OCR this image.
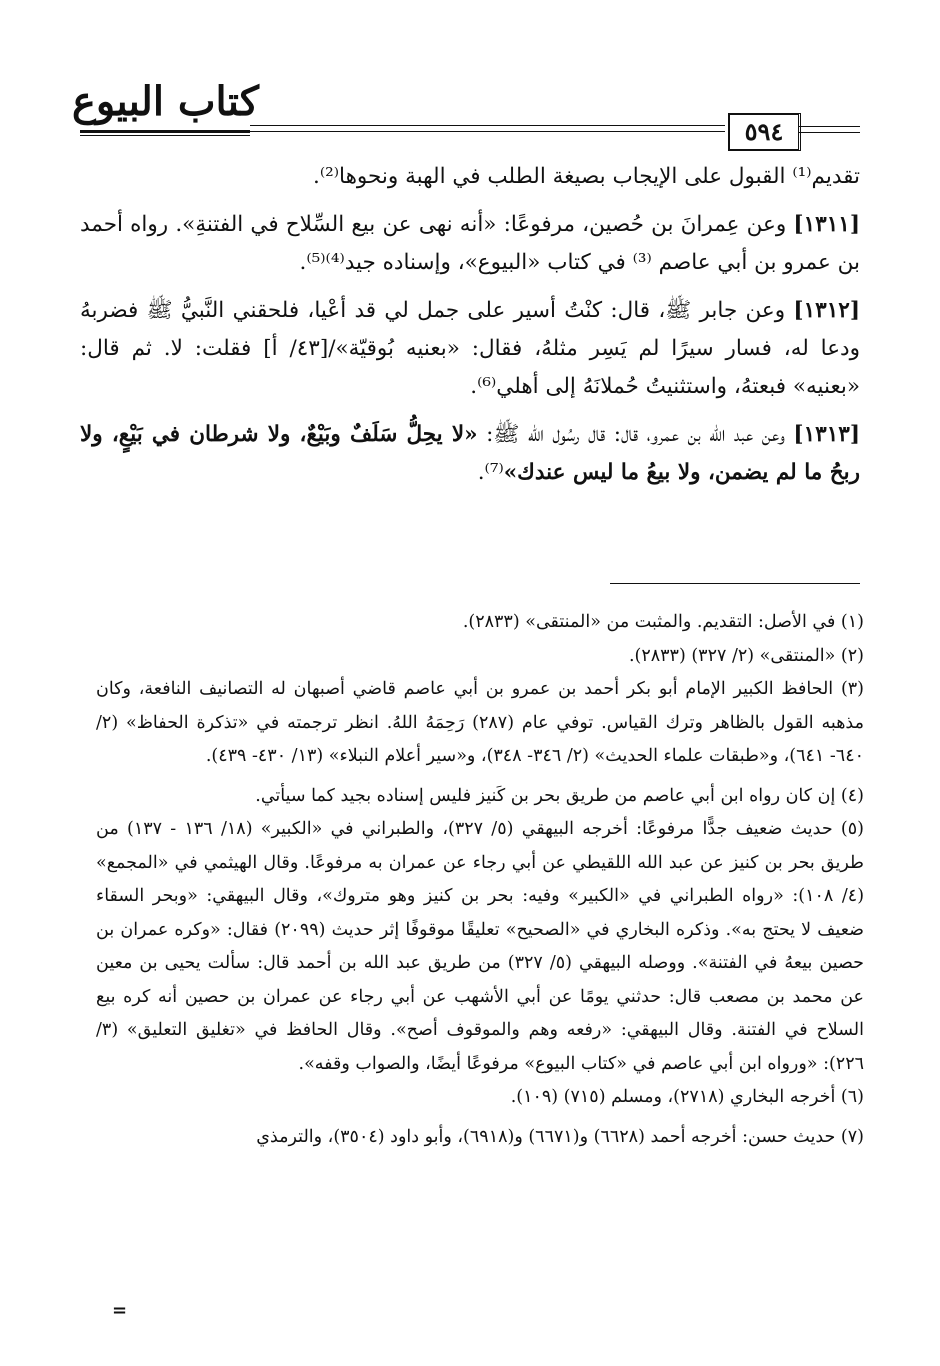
كتاب البيوع
٥٩٤

تقديم⁽¹⁾ القبول على الإيجاب بصيغة الطلب في الهبة ونحوها⁽²⁾.

[١٣١١] وعن عِمرانَ بن حُصين، مرفوعًا: «أنه نهى عن بيع السِّلاح في الفتنةِ». رواه أحمد بن عمرو بن أبي عاصم ⁽³⁾ في كتاب «البيوع»، وإسناده جيد⁽⁴⁾⁽⁵⁾.

[١٣١٢] وعن جابر ﷺ، قال: كنْتُ أسير على جمل لي قد أعْيا، فلحقني النَّبيُّ ﷺ فضربهُ ودعا له، فسار سيرًا لم يَسِر مثلهُ، فقال: «بعنيه بُوقيّة»/[٤٣/ أ] فقلت: لا. ثم قال: «بعنيه» فبعتهُ، واستثنيتُ حُملانَهُ إلى أهلي⁽⁶⁾.

[١٣١٣] وعن عبد الله بن عمرو، قال: قال رسُول الله ﷺ: «لا يحِلُّ سَلَفٌ وبَيْعٌ، ولا شرطان في بَيْعٍ، ولا ربحُ ما لم يضمن، ولا بيعُ ما ليس عندك»⁽⁷⁾.

(١) في الأصل: التقديم. والمثبت من «المنتقى» (٢٨٣٣).

(٢) «المنتقى» (٢/ ٣٢٧) (٢٨٣٣).

(٣) الحافظ الكبير الإمام أبو بكر أحمد بن عمرو بن أبي عاصم قاضي أصبهان له التصانيف النافعة، وكان مذهبه القول بالظاهر وترك القياس. توفي عام (٢٨٧) رَحِمَهُ اللهُ. انظر ترجمته في «تذكرة الحفاظ» (٢/ ٦٤٠- ٦٤١)، و«طبقات علماء الحديث» (٢/ ٣٤٦- ٣٤٨)، و«سير أعلام النبلاء» (١٣/ ٤٣٠- ٤٣٩).

(٤) إن كان رواه ابن أبي عاصم من طريق بحر بن كَنيز فليس إسناده بجيد كما سيأتي.

(٥) حديث ضعيف جدًّا مرفوعًا: أخرجه البيهقي (٥/ ٣٢٧)، والطبراني في «الكبير» (١٨/ ١٣٦ - ١٣٧) من طريق بحر بن كنيز عن عبد الله اللقيطي عن أبي رجاء عن عمران به مرفوعًا. وقال الهيثمي في «المجمع» (٤/ ١٠٨): «رواه الطبراني في «الكبير» وفيه: بحر بن كنيز وهو متروك»، وقال البيهقي: «وبحر السقاء ضعيف لا يحتج به». وذكره البخاري في «الصحيح» تعليقًا موقوفًا إثر حديث (٢٠٩٩) فقال: «وكره عمران بن حصين بيعهُ في الفتنة». ووصله البيهقي (٥/ ٣٢٧) من طريق عبد الله بن أحمد قال: سألت يحيى بن معين عن محمد بن مصعب قال: حدثني يومًا عن أبي الأشهب عن أبي رجاء عن عمران بن حصين أنه كره بيع السلاح في الفتنة. وقال البيهقي: «رفعه وهم والموقوف أصح». وقال الحافظ في «تغليق التعليق» (٣/ ٢٢٦): «ورواه ابن أبي عاصم في «كتاب البيوع» مرفوعًا أيضًا، والصواب وقفه».

(٦) أخرجه البخاري (٢٧١٨)، ومسلم (٧١٥) (١٠٩).

(٧) حديث حسن: أخرجه أحمد (٦٦٢٨) و(٦٦٧١) و(٦٩١٨)، وأبو داود (٣٥٠٤)، والترمذي

=
